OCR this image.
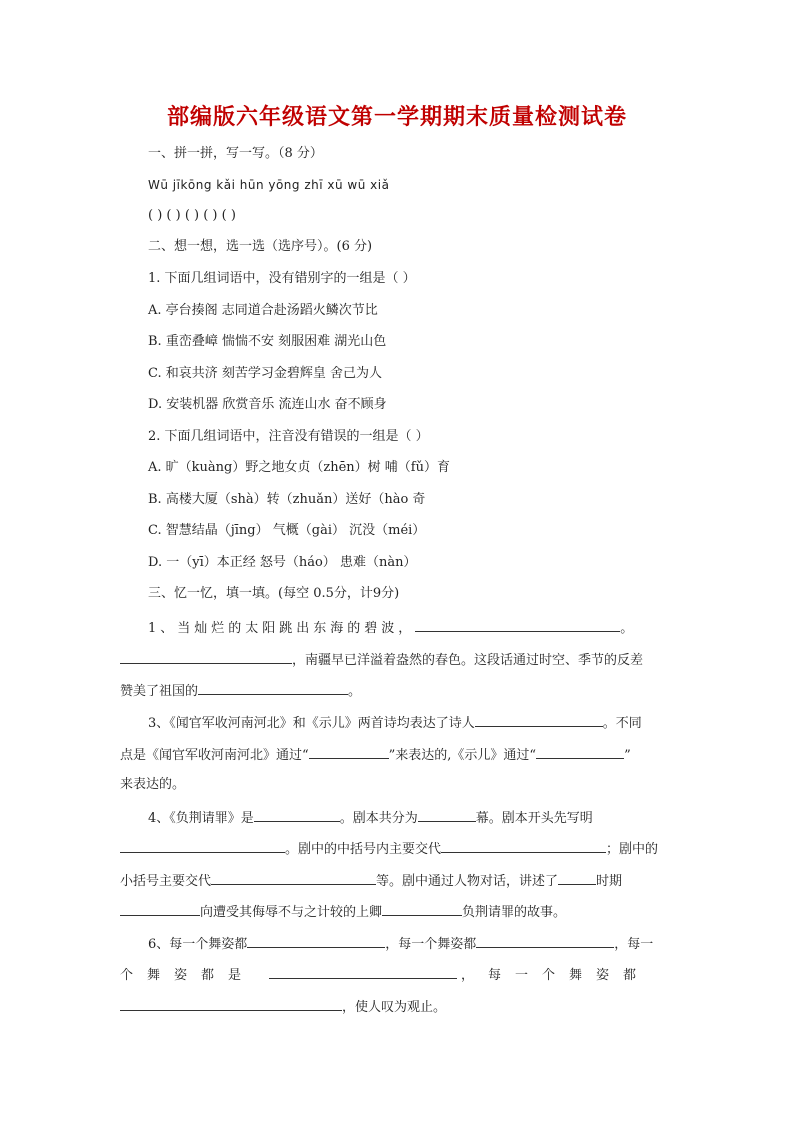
部编版六年级语文第一学期期末质量检测试卷
一、拼一拼，写一写。（8 分）
Wū jīkōng kǎi hūn yōng zhī xū wū xiǎ
( ) ( ) ( ) ( ) ( )
二、想一想，选一选（选序号）。(6 分)
1. 下面几组词语中，没有错别字的一组是（ ）
A. 亭台揍阁 志同道合赴汤蹈火鳞次节比
B. 重峦叠嶂 惴惴不安 刻服困难 湖光山色
C. 和哀共济 刻苦学习金碧辉皇 舍己为人
D. 安装机器 欣赏音乐 流连山水 奋不顾身
2. 下面几组词语中，注音没有错误的一组是（ ）
A. 旷（kuàng）野之地女贞（zhēn）树 哺（fǔ）育
B. 高楼大厦（shà）转（zhuǎn）送好（hào 奇
C. 智慧结晶（jīng） 气概（gài） 沉没（méi）
D. 一（yī）本正经 怒号（háo） 患难（nàn）
三、忆一忆，填一填。(每空 0.5分，计9分)
1、当灿烂的太阳跳出东海的碧波，	。
，南疆早已洋溢着盎然的春色。这段话通过时空、季节的反差
赞美了祖国的	。
3、《闻官军收河南河北》和《示儿》两首诗均表达了诗人	。不同
点是《闻官军收河南河北》通过“	”来表达的,《示儿》通过“	”
来表达的。
4、《负荆请罪》是	。剧本共分为	幕。剧本开头先写明
。剧中的中括号内主要交代	；剧中的
小括号主要交代	等。剧中通过人物对话，讲述了	时期
向遭受其侮辱不与之计较的上卿	负荆请罪的故事。
6、每一个舞姿都	，每一个舞姿都	，每一
个舞姿都是	，每一个舞姿都
，使人叹为观止。
